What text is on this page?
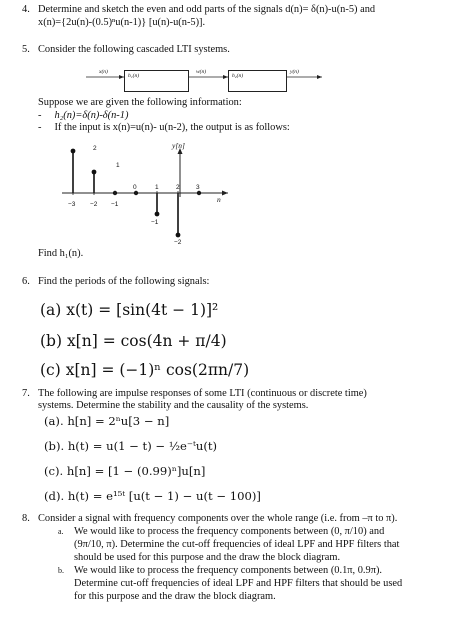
4. Determine and sketch the even and odd parts of the signals d(n)= δ(n)-u(n-5) and
x(n)={2u(n)-(0.5)ⁿu(n-1)} [u(n)-u(n-5)].
5. Consider the following cascaded LTI systems.
x(n)
h₁(n)
w(n)
h₂(n)
y(n)
Suppose we are given the following information:
- h₂(n)=δ(n)-δ(n-1)
- If the input is x(n)=u(n)- u(n-2), the output is as follows:
y[n]
n
2
1
0	1	2	3
−3 −2 −1
−1
−2
Find h₁(n).
6. Find the periods of the following signals:
(a) x(t) = [sin(4t − 1)]²
(b) x[n] = cos(4n + π/4)
(c) x[n] = (−1)ⁿ cos(2πn/7)
7. The following are impulse responses of some LTI (continuous or discrete time)
systems. Determine the stability and the causality of the systems.
(a). h[n] = 2ⁿu[3 − n]
(b). h(t) = u(1 − t) − ½e⁻ᵗu(t)
(c). h[n] = [1 − (0.99)ⁿ]u[n]
(d). h(t) = e¹⁵ᵗ [u(t − 1) − u(t − 100)]
8. Consider a signal with frequency components over the whole range (i.e. from –π to π).
a. We would like to process the frequency components between (0, π/10) and
(9π/10, π). Determine the cut-off frequencies of ideal LPF and HPF filters that
should be used for this purpose and the draw the block diagram.
b. We would like to process the frequency components between (0.1π, 0.9π).
Determine cut-off frequencies of ideal LPF and HPF filters that should be used
for this purpose and the draw the block diagram.
